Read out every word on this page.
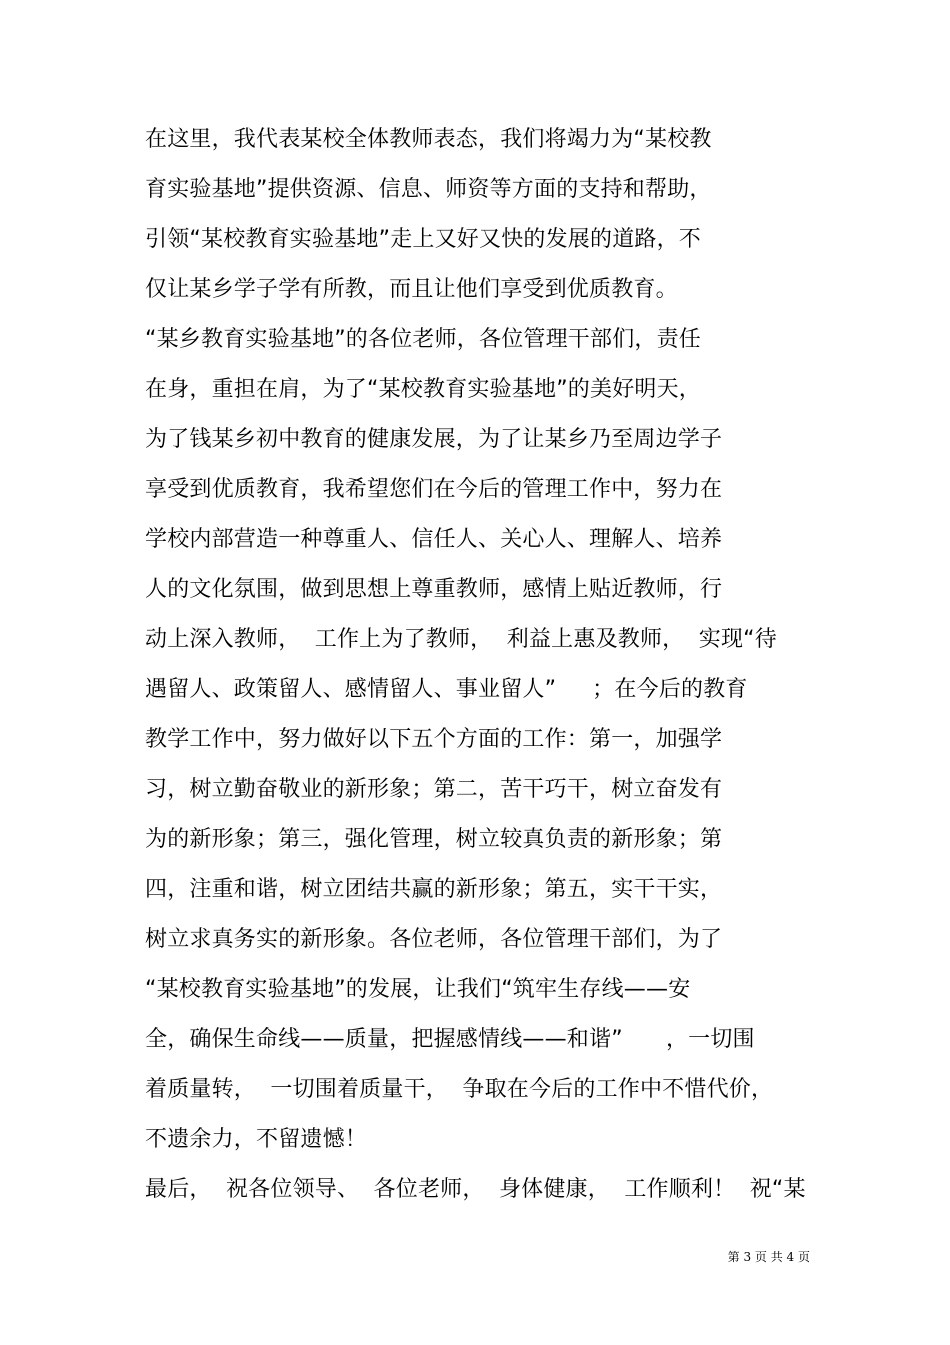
在这里，我代表某校全体教师表态，我们将竭力为“某校教
育实验基地”提供资源、信息、师资等方面的支持和帮助，
引领“某校教育实验基地”走上又好又快的发展的道路，不
仅让某乡学子学有所教，而且让他们享受到优质教育。
“某乡教育实验基地”的各位老师，各位管理干部们，责任
在身，重担在肩，为了“某校教育实验基地”的美好明天，
为了钱某乡初中教育的健康发展，为了让某乡乃至周边学子
享受到优质教育，我希望您们在今后的管理工作中，努力在
学校内部营造一种尊重人、信任人、关心人、理解人、培养
人的文化氛围，做到思想上尊重教师，感情上贴近教师，行
动上深入教师，  工作上为了教师，  利益上惠及教师，  实现“待
遇留人、政策留人、感情留人、事业留人”     ；在今后的教育
教学工作中，努力做好以下五个方面的工作：第一，加强学
习，树立勤奋敬业的新形象；第二，苦干巧干，树立奋发有
为的新形象；第三，强化管理，树立较真负责的新形象；第
四，注重和谐，树立团结共赢的新形象；第五，实干干实，
树立求真务实的新形象。各位老师，各位管理干部们，为了
“某校教育实验基地”的发展，让我们“筑牢生存线——安
全，确保生命线——质量，把握感情线——和谐”      ，一切围
着质量转，  一切围着质量干，  争取在今后的工作中不惜代价，
不遗余力，不留遗憾！
最后，  祝各位领导、  各位老师，  身体健康，  工作顺利！  祝“某
第 3 页 共 4 页
